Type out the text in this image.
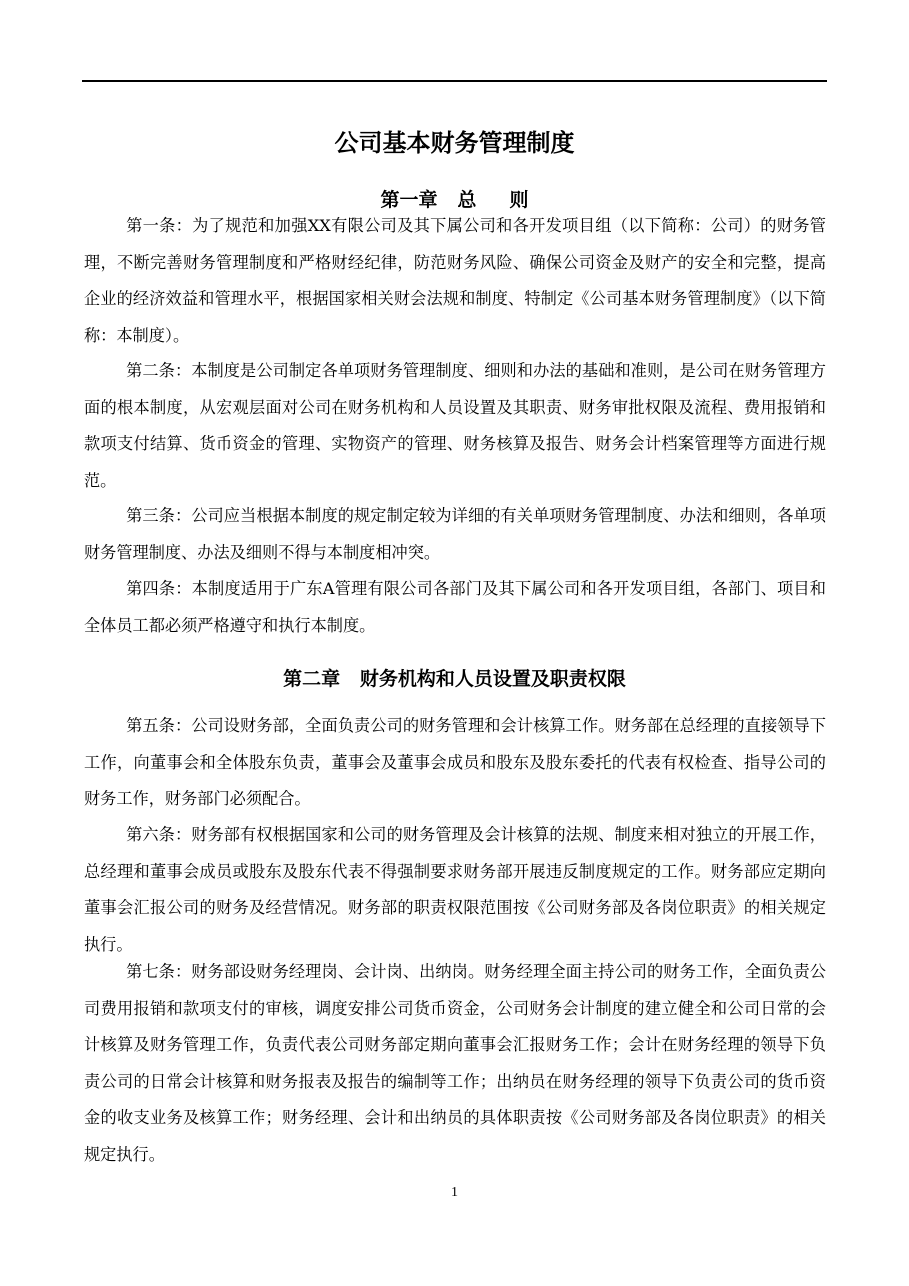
公司基本财务管理制度
第一章   总     则

第一条：为了规范和加强XX有限公司及其下属公司和各开发项目组（以下简称：公司）的财务管理，不断完善财务管理制度和严格财经纪律，防范财务风险、确保公司资金及财产的安全和完整，提高企业的经济效益和管理水平，根据国家相关财会法规和制度、特制定《公司基本财务管理制度》（以下简称：本制度）。

第二条：本制度是公司制定各单项财务管理制度、细则和办法的基础和准则，是公司在财务管理方面的根本制度，从宏观层面对公司在财务机构和人员设置及其职责、财务审批权限及流程、费用报销和款项支付结算、货币资金的管理、实物资产的管理、财务核算及报告、财务会计档案管理等方面进行规范。

第三条：公司应当根据本制度的规定制定较为详细的有关单项财务管理制度、办法和细则，各单项财务管理制度、办法及细则不得与本制度相冲突。

第四条：本制度适用于广东A管理有限公司各部门及其下属公司和各开发项目组，各部门、项目和全体员工都必须严格遵守和执行本制度。

第二章   财务机构和人员设置及职责权限

第五条：公司设财务部，全面负责公司的财务管理和会计核算工作。财务部在总经理的直接领导下工作，向董事会和全体股东负责，董事会及董事会成员和股东及股东委托的代表有权检查、指导公司的财务工作，财务部门必须配合。

第六条：财务部有权根据国家和公司的财务管理及会计核算的法规、制度来相对独立的开展工作，总经理和董事会成员或股东及股东代表不得强制要求财务部开展违反制度规定的工作。财务部应定期向董事会汇报公司的财务及经营情况。财务部的职责权限范围按《公司财务部及各岗位职责》的相关规定执行。

第七条：财务部设财务经理岗、会计岗、出纳岗。财务经理全面主持公司的财务工作，全面负责公司费用报销和款项支付的审核，调度安排公司货币资金，公司财务会计制度的建立健全和公司日常的会计核算及财务管理工作，负责代表公司财务部定期向董事会汇报财务工作；会计在财务经理的领导下负责公司的日常会计核算和财务报表及报告的编制等工作；出纳员在财务经理的领导下负责公司的货币资金的收支业务及核算工作；财务经理、会计和出纳员的具体职责按《公司财务部及各岗位职责》的相关规定执行。

1
